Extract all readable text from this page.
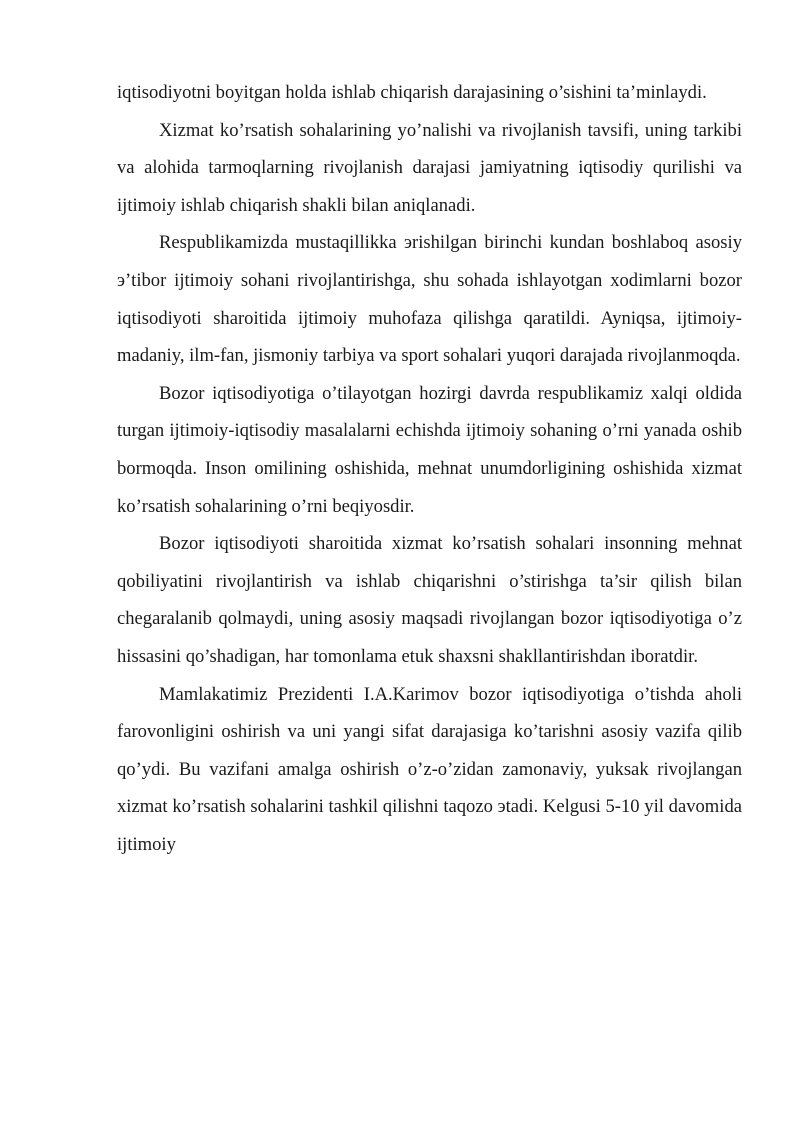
iqtisodiyotni boyitgan holda ishlab chiqarish darajasining o’sishini ta’minlaydi.

Xizmat ko’rsatish sohalarining yo’nalishi va rivojlanish tavsifi, uning tarkibi va alohida tarmoqlarning rivojlanish darajasi jamiyatning iqtisodiy qurilishi va ijtimoiy ishlab chiqarish shakli bilan aniqlanadi.

Respublikamizda mustaqillikka эrishilgan birinchi kundan boshlaboq asosiy э’tibor ijtimoiy sohani rivojlantirishga, shu sohada ishlayotgan xodimlarni bozor iqtisodiyoti sharoitida ijtimoiy muhofaza qilishga qaratildi. Ayniqsa, ijtimoiy-madaniy, ilm-fan, jismoniy tarbiya va sport sohalari yuqori darajada rivojlanmoqda.

Bozor iqtisodiyotiga o’tilayotgan hozirgi davrda respublikamiz xalqi oldida turgan ijtimoiy-iqtisodiy masalalarni echishda ijtimoiy sohaning o’rni yanada oshib bormoqda. Inson omilining oshishida, mehnat unumdorligining oshishida xizmat ko’rsatish sohalarining o’rni beqiyosdir.

Bozor iqtisodiyoti sharoitida xizmat ko’rsatish sohalari insonning mehnat qobiliyatini rivojlantirish va ishlab chiqarishni o’stirishga ta’sir qilish bilan chegaralanib qolmaydi, uning asosiy maqsadi rivojlangan bozor iqtisodiyotiga o’z hissasini qo’shadigan, har tomonlama etuk shaxsni shakllantirishdan iboratdir.

Mamlakatimiz Prezidenti I.A.Karimov bozor iqtisodiyotiga o’tishda aholi farovonligini oshirish va uni yangi sifat darajasiga ko’tarishni asosiy vazifa qilib qo’ydi. Bu vazifani amalga oshirish o’z-o’zidan zamonaviy, yuksak rivojlangan xizmat ko’rsatish sohalarini tashkil qilishni taqozo эtadi. Kelgusi 5-10 yil davomida ijtimoiy
